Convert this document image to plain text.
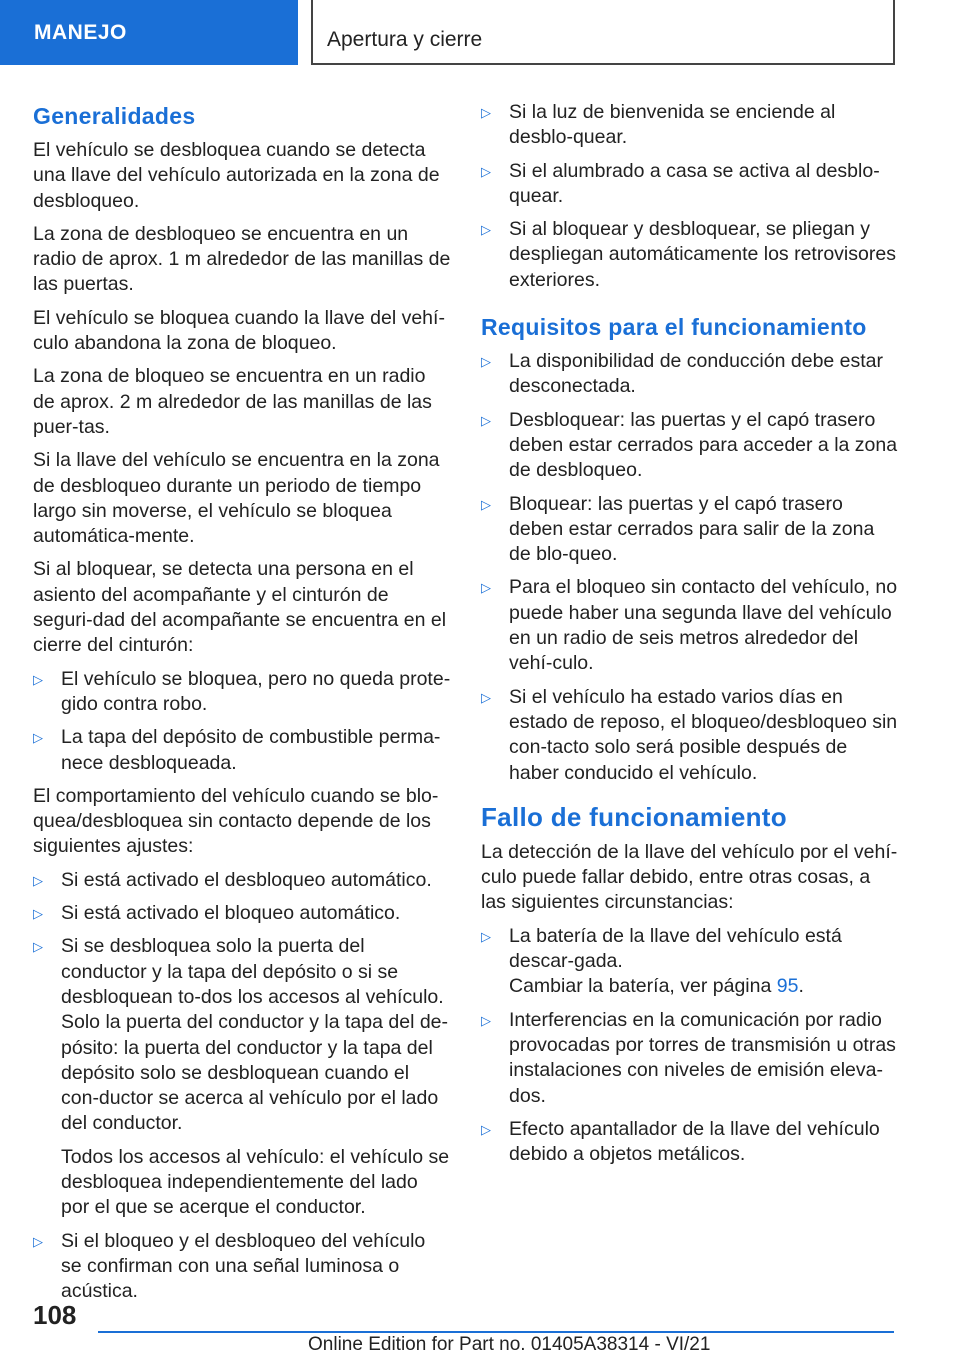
MANEJO	Apertura y cierre
Generalidades

El vehículo se desbloquea cuando se detecta una llave del vehículo autorizada en la zona de desbloqueo.

La zona de desbloqueo se encuentra en un radio de aprox. 1 m alrededor de las manillas de las puertas.

El vehículo se bloquea cuando la llave del vehí‐culo abandona la zona de bloqueo.

La zona de bloqueo se encuentra en un radio de aprox. 2 m alrededor de las manillas de las puer‐tas.

Si la llave del vehículo se encuentra en la zona de desbloqueo durante un periodo de tiempo largo sin moverse, el vehículo se bloquea automática‐mente.

Si al bloquear, se detecta una persona en el asiento del acompañante y el cinturón de seguri‐dad del acompañante se encuentra en el cierre del cinturón:

▷ El vehículo se bloquea, pero no queda prote‐gido contra robo.
▷ La tapa del depósito de combustible perma‐nece desbloqueada.

El comportamiento del vehículo cuando se blo‐quea/desbloquea sin contacto depende de los siguientes ajustes:

▷ Si está activado el desbloqueo automático.
▷ Si está activado el bloqueo automático.
▷ Si se desbloquea solo la puerta del conductor y la tapa del depósito o si se desbloquean to‐dos los accesos al vehículo.

Solo la puerta del conductor y la tapa del de‐pósito: la puerta del conductor y la tapa del depósito solo se desbloquean cuando el con‐ductor se acerca al vehículo por el lado del conductor.

Todos los accesos al vehículo: el vehículo se desbloquea independientemente del lado por el que se acerque el conductor.

▷ Si el bloqueo y el desbloqueo del vehículo se confirman con una señal luminosa o acústica.
▷ Si la luz de bienvenida se enciende al desblo‐quear.
▷ Si el alumbrado a casa se activa al desblo‐quear.
▷ Si al bloquear y desbloquear, se pliegan y despliegan automáticamente los retrovisores exteriores.
Requisitos para el funcionamiento
▷ La disponibilidad de conducción debe estar desconectada.
▷ Desbloquear: las puertas y el capó trasero deben estar cerrados para acceder a la zona de desbloqueo.
▷ Bloquear: las puertas y el capó trasero deben estar cerrados para salir de la zona de blo‐queo.
▷ Para el bloqueo sin contacto del vehículo, no puede haber una segunda llave del vehículo en un radio de seis metros alrededor del vehí‐culo.
▷ Si el vehículo ha estado varios días en estado de reposo, el bloqueo/desbloqueo sin con‐tacto solo será posible después de haber conducido el vehículo.
Fallo de funcionamiento

La detección de la llave del vehículo por el vehí‐culo puede fallar debido, entre otras cosas, a las siguientes circunstancias:

▷ La batería de la llave del vehículo está descar‐gada.

Cambiar la batería, ver página 95.

▷ Interferencias en la comunicación por radio provocadas por torres de transmisión u otras instalaciones con niveles de emisión eleva‐dos.
▷ Efecto apantallador de la llave del vehículo debido a objetos metálicos.
108
Online Edition for Part no. 01405A38314 - VI/21
